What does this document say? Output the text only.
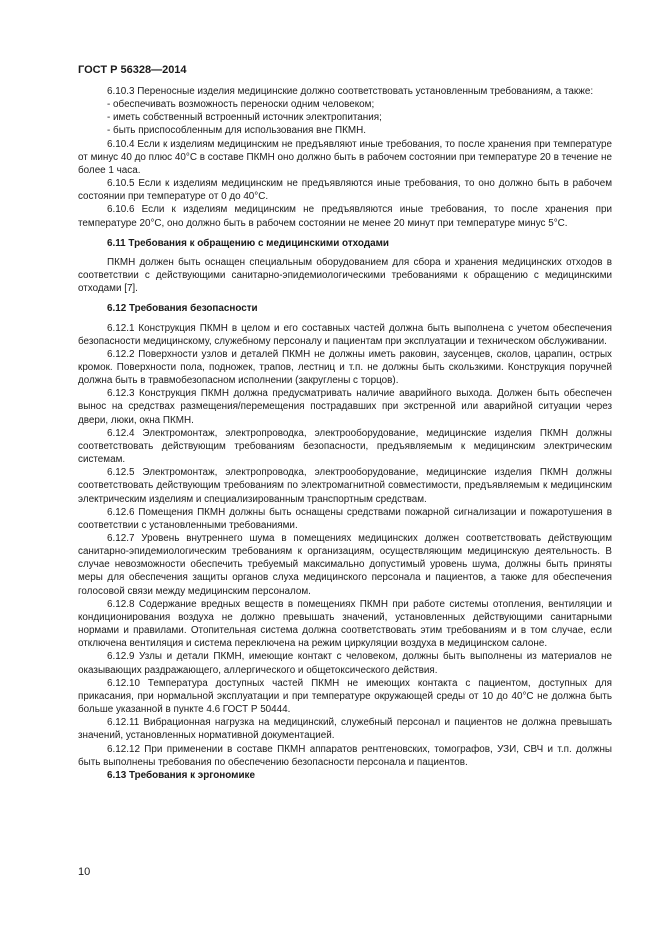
ГОСТ Р 56328—2014
6.10.3 Переносные изделия медицинские должно соответствовать установленным требованиям, а также:
- обеспечивать возможность переноски одним человеком;
- иметь собственный встроенный источник электропитания;
- быть приспособленным для использования вне ПКМН.
6.10.4 Если к изделиям медицинским не предъявляют иные требования, то после хранения при температуре от минус 40 до плюс 40°С в составе ПКМН оно должно быть в рабочем состоянии при температуре 20 в течение не более 1 часа.
6.10.5 Если к изделиям медицинским не предъявляются иные требования, то оно должно быть в рабочем состоянии при температуре от 0 до 40°С.
6.10.6 Если к изделиям медицинским не предъявляются иные требования, то после хранения при температуре 20°С, оно должно быть в рабочем состоянии не менее 20 минут при температуре минус 5°С.
6.11 Требования к обращению с медицинскими отходами
ПКМН должен быть оснащен специальным оборудованием для сбора и хранения медицинских отходов в соответствии с действующими санитарно-эпидемиологическими требованиями к обращению с медицинскими отходами [7].
6.12 Требования безопасности
6.12.1 Конструкция ПКМН в целом и его составных частей должна быть выполнена с учетом обеспечения безопасности медицинскому, служебному персоналу и пациентам при эксплуатации и техническом обслуживании.
6.12.2 Поверхности узлов и деталей ПКМН не должны иметь раковин, заусенцев, сколов, царапин, острых кромок. Поверхности пола, подножек, трапов, лестниц и т.п. не должны быть скользкими. Конструкция поручней должна быть в травмобезопасном исполнении (закруглены с торцов).
6.12.3 Конструкция ПКМН должна предусматривать наличие аварийного выхода. Должен быть обеспечен вынос на средствах размещения/перемещения пострадавших при экстренной или аварийной ситуации через двери, люки, окна ПКМН.
6.12.4 Электромонтаж, электропроводка, электрооборудование, медицинские изделия ПКМН должны соответствовать действующим требованиям безопасности, предъявляемым к медицинским электрическим системам.
6.12.5 Электромонтаж, электропроводка, электрооборудование, медицинские изделия ПКМН должны соответствовать действующим требованиям по электромагнитной совместимости, предъявляемым к медицинским электрическим изделиям и специализированным транспортным средствам.
6.12.6 Помещения ПКМН должны быть оснащены средствами пожарной сигнализации и пожаротушения в соответствии с установленными требованиями.
6.12.7 Уровень внутреннего шума в помещениях медицинских должен соответствовать действующим санитарно-эпидемиологическим требованиям к организациям, осуществляющим медицинскую деятельность. В случае невозможности обеспечить требуемый максимально допустимый уровень шума, должны быть приняты меры для обеспечения защиты органов слуха медицинского персонала и пациентов, а также для обеспечения голосовой связи между медицинским персоналом.
6.12.8 Содержание вредных веществ в помещениях ПКМН при работе системы отопления, вентиляции и кондиционирования воздуха не должно превышать значений, установленных действующими санитарными нормами и правилами. Отопительная система должна соответствовать этим требованиям и в том случае, если отключена вентиляция и система переключена на режим циркуляции воздуха в медицинском салоне.
6.12.9 Узлы и детали ПКМН, имеющие контакт с человеком, должны быть выполнены из материалов не оказывающих раздражающего, аллергического и общетоксического действия.
6.12.10 Температура доступных частей ПКМН не имеющих контакта с пациентом, доступных для прикасания, при нормальной эксплуатации и при температуре окружающей среды от 10 до 40°С не должна быть больше указанной в пункте 4.6 ГОСТ Р 50444.
6.12.11 Вибрационная нагрузка на медицинский, служебный персонал и пациентов не должна превышать значений, установленных нормативной документацией.
6.12.12 При применении в составе ПКМН аппаратов рентгеновских, томографов, УЗИ, СВЧ и т.п. должны быть выполнены требования по обеспечению безопасности персонала и пациентов.
6.13 Требования к эргономике
10
